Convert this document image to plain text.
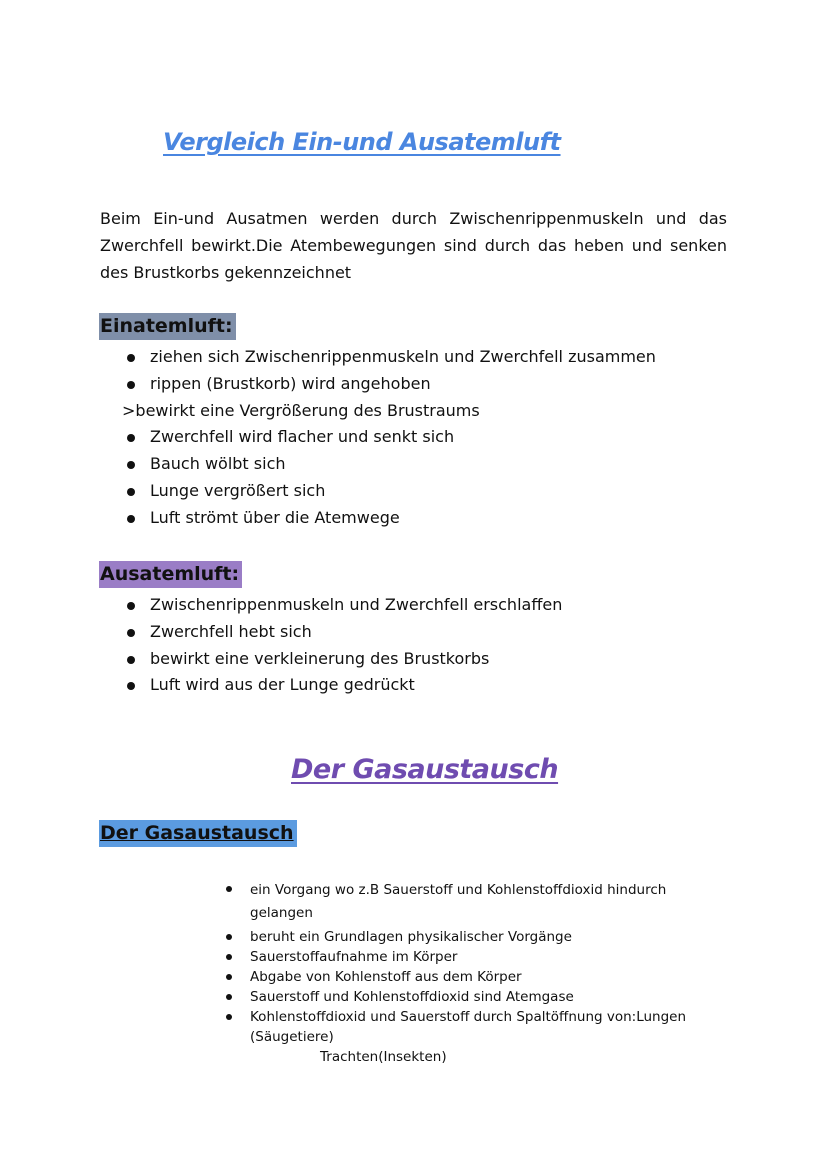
Vergleich Ein-und Ausatemluft
Beim Ein-und Ausatmen werden durch Zwischenrippenmuskeln und das Zwerchfell bewirkt.Die Atembewegungen sind durch das heben und senken des Brustkorbs gekennzeichnet
Einatemluft:
ziehen sich Zwischenrippenmuskeln und Zwerchfell zusammen
rippen (Brustkorb) wird angehoben
>bewirkt eine Vergrößerung des Brustraums
Zwerchfell wird flacher und senkt sich
Bauch wölbt sich
Lunge vergrößert sich
Luft strömt über die Atemwege
Ausatemluft:
Zwischenrippenmuskeln und Zwerchfell erschlaffen
Zwerchfell hebt sich
bewirkt eine verkleinerung des Brustkorbs
Luft wird aus der Lunge gedrückt
Der Gasaustausch
Der Gasaustausch
ein Vorgang wo z.B Sauerstoff und Kohlenstoffdioxid hindurch gelangen
beruht ein Grundlagen physikalischer Vorgänge
Sauerstoffaufnahme im Körper
Abgabe von Kohlenstoff aus dem Körper
Sauerstoff und Kohlenstoffdioxid sind Atemgase
Kohlenstoffdioxid und Sauerstoff durch Spaltöffnung von:Lungen (Säugetiere)
Trachten(Insekten)
